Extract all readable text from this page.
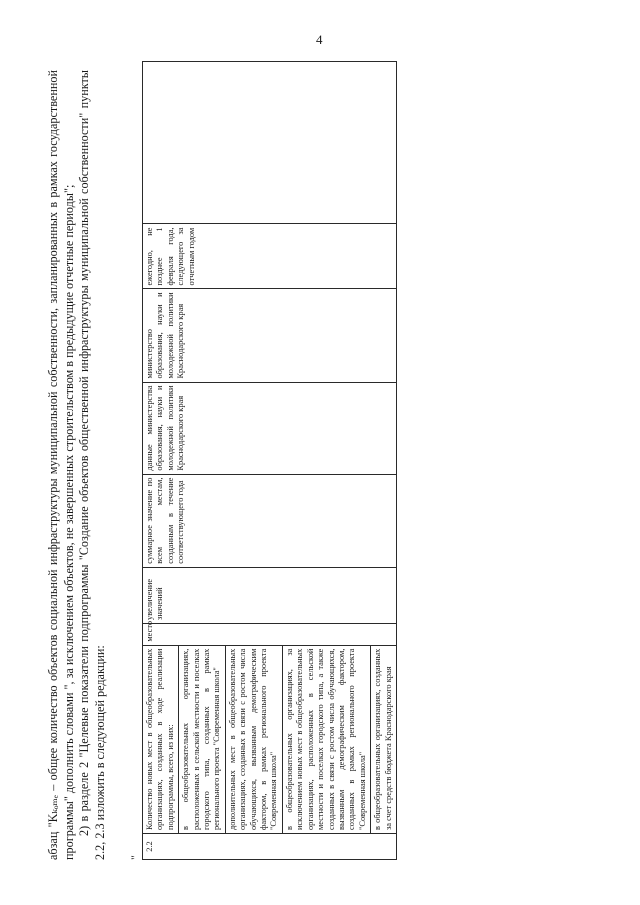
4

абзац "Kₖₒₘₑ – общее количество объектов социальной инфраструктуры муниципальной собственности, запланированных в рамках государственной программы" дополнить словами ", за исключением объектов, не завершенных строительством в предыдущие отчетные периоды"; 2) в разделе 2 "Целевые показатели подпрограммы "Создание объектов общественной инфраструктуры муниципальной собственности" пункты 2.2, 2.3 изложить в следующей редакции: "
2.2	Количество новых мест в общеобразовательных организациях, созданных в ходе реализации подпрограммы, всего, из них:	место	увеличение значений	суммарное значение по всем местам, созданным в течение соответствующего года	данные министерства образования, науки и молодежной политики Краснодарского края	министерство образования, науки и молодежной политики Краснодарского края	ежегодно, не позднее 1 февраля года, следующего за отчетным годом	
в общеобразовательных организациях, расположенных в сельской местности и поселках городского типа, созданных в рамках регионального проекта "Современная школа"
дополнительных мест в общеобразовательных организациях, созданных в связи с ростом числа обучающихся, вызванным демографическим фактором, в рамках регионального проекта "Современная школа"
в общеобразовательных организациях, за исключением новых мест в общеобразовательных организациях, расположенных в сельской местности и поселках городского типа, а также созданных в связи с ростом числа обучающихся, вызванным демографическим фактором, созданных в рамках регионального проекта "Современная школа"
в общеобразовательных организациях, созданных за счет средств бюджета Краснодарского края
